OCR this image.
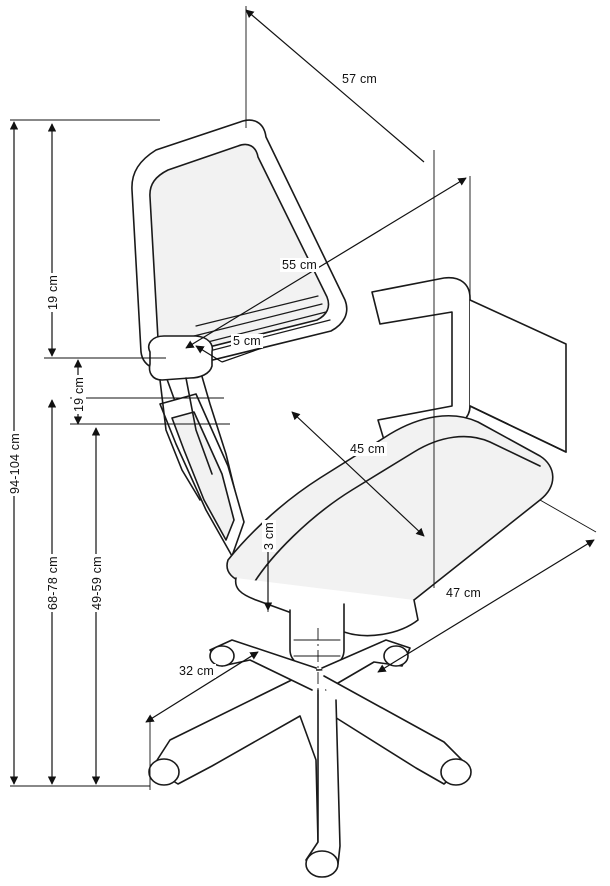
57 cm
55 cm
5 cm
45 cm
47 cm
32 cm
3 cm
19 cm
19 cm
94-104 cm
68-78 cm 49-59 cm
